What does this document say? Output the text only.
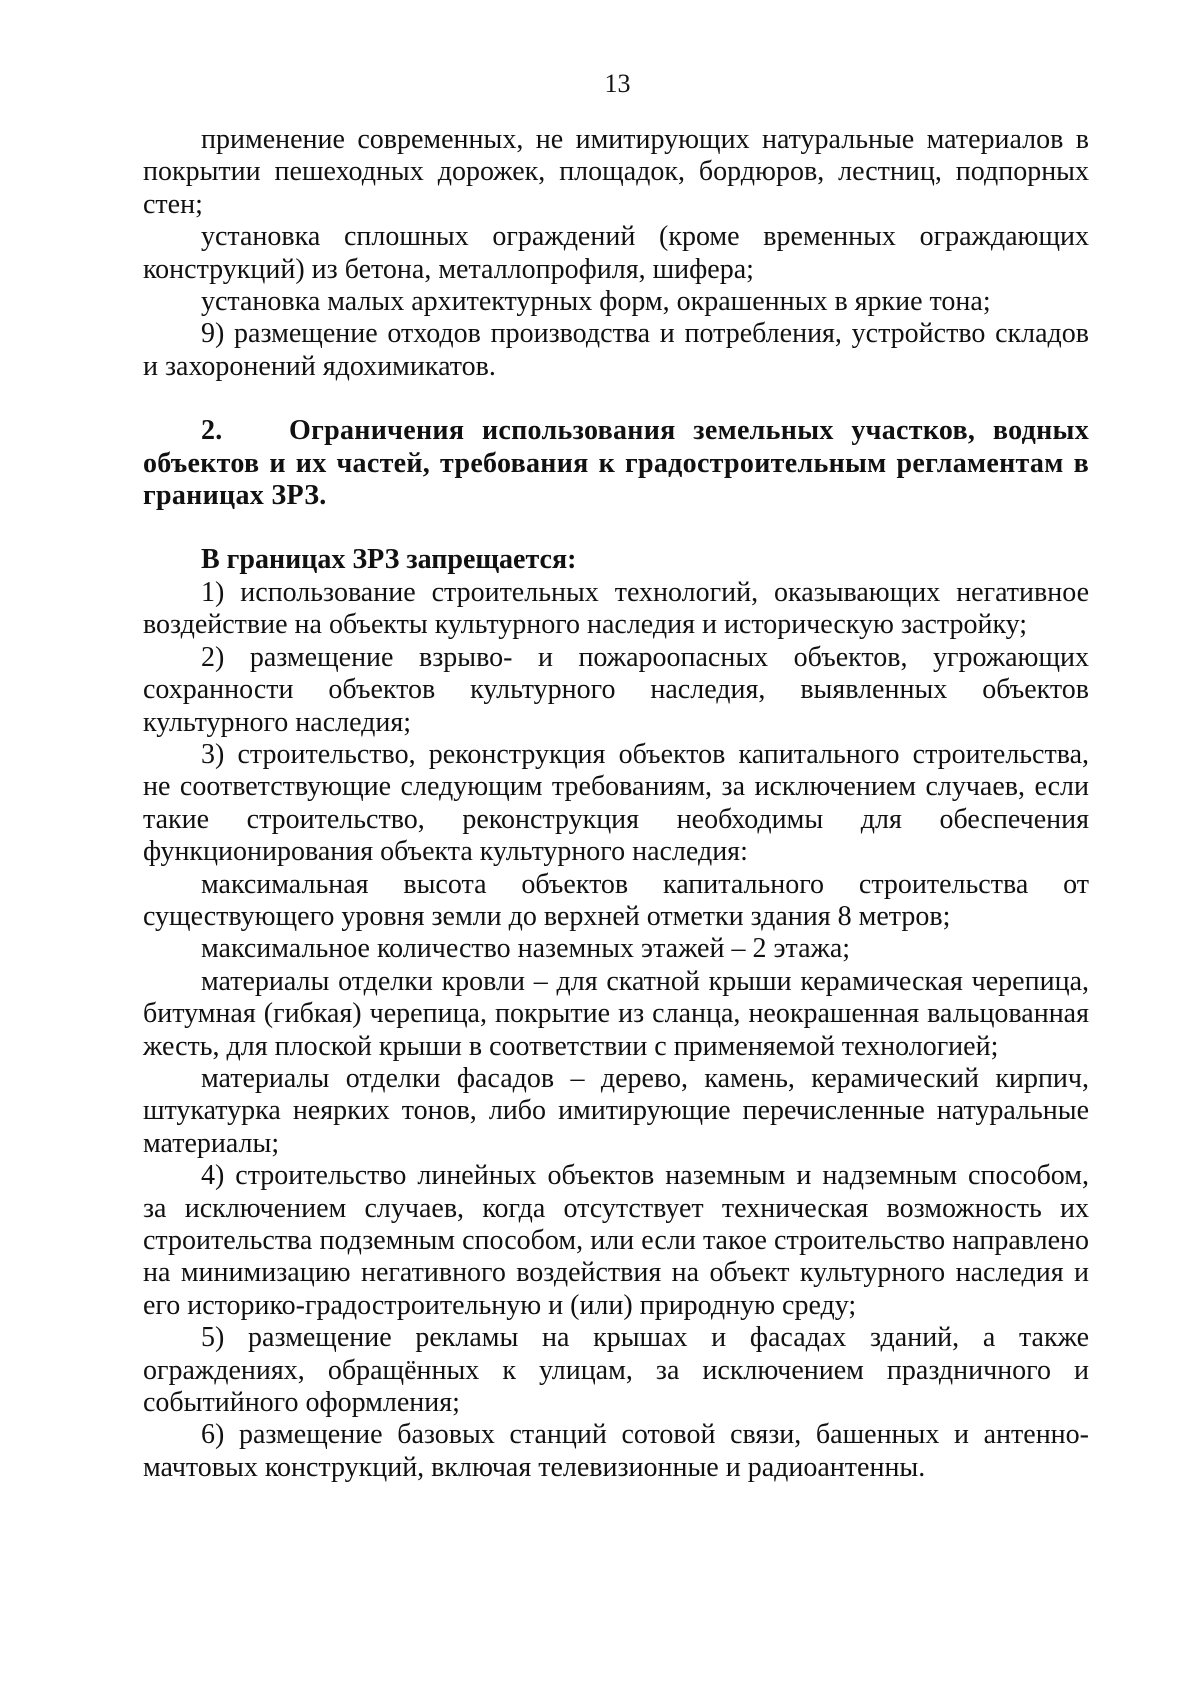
13

применение современных, не имитирующих натуральные материалов в покрытии пешеходных дорожек, площадок, бордюров, лестниц, подпорных стен;

установка сплошных ограждений (кроме временных ограждающих конструкций) из бетона, металлопрофиля, шифера;

установка малых архитектурных форм, окрашенных в яркие тона;

9) размещение отходов производства и потребления, устройство складов и захоронений ядохимикатов.

2. Ограничения использования земельных участков, водных объектов и их частей, требования к градостроительным регламентам в границах ЗРЗ.

В границах ЗРЗ запрещается:

1) использование строительных технологий, оказывающих негативное воздействие на объекты культурного наследия и историческую застройку;

2) размещение взрыво- и пожароопасных объектов, угрожающих сохранности объектов культурного наследия, выявленных объектов культурного наследия;

3) строительство, реконструкция объектов капитального строительства, не соответствующие следующим требованиям, за исключением случаев, если такие строительство, реконструкция необходимы для обеспечения функционирования объекта культурного наследия:

максимальная высота объектов капитального строительства от существующего уровня земли до верхней отметки здания 8 метров;

максимальное количество наземных этажей – 2 этажа;

материалы отделки кровли – для скатной крыши керамическая черепица, битумная (гибкая) черепица, покрытие из сланца, неокрашенная вальцованная жесть, для плоской крыши в соответствии с применяемой технологией;

материалы отделки фасадов – дерево, камень, керамический кирпич, штукатурка неярких тонов, либо имитирующие перечисленные натуральные материалы;

4) строительство линейных объектов наземным и надземным способом, за исключением случаев, когда отсутствует техническая возможность их строительства подземным способом, или если такое строительство направлено на минимизацию негативного воздействия на объект культурного наследия и его историко-градостроительную и (или) природную среду;

5) размещение рекламы на крышах и фасадах зданий, а также ограждениях, обращённых к улицам, за исключением праздничного и событийного оформления;

6) размещение базовых станций сотовой связи, башенных и антенно-мачтовых конструкций, включая телевизионные и радиоантенны.
